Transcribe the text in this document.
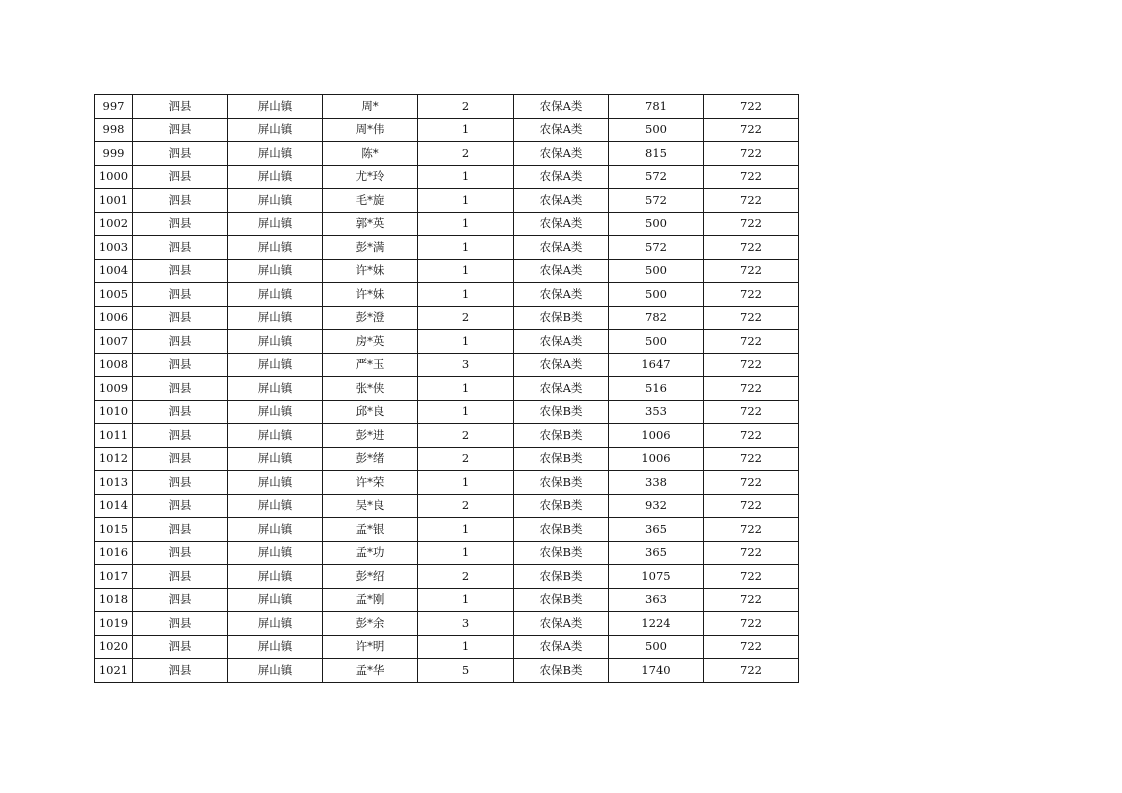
997	泗县	屏山镇	周*	2	农保A类	781	722
998	泗县	屏山镇	周*伟	1	农保A类	500	722
999	泗县	屏山镇	陈*	2	农保A类	815	722
1000	泗县	屏山镇	尤*玲	1	农保A类	572	722
1001	泗县	屏山镇	毛*旋	1	农保A类	572	722
1002	泗县	屏山镇	郭*英	1	农保A类	500	722
1003	泗县	屏山镇	彭*满	1	农保A类	572	722
1004	泗县	屏山镇	许*妹	1	农保A类	500	722
1005	泗县	屏山镇	许*妹	1	农保A类	500	722
1006	泗县	屏山镇	彭*澄	2	农保B类	782	722
1007	泗县	屏山镇	房*英	1	农保A类	500	722
1008	泗县	屏山镇	严*玉	3	农保A类	1647	722
1009	泗县	屏山镇	张*侠	1	农保A类	516	722
1010	泗县	屏山镇	邱*良	1	农保B类	353	722
1011	泗县	屏山镇	彭*进	2	农保B类	1006	722
1012	泗县	屏山镇	彭*绪	2	农保B类	1006	722
1013	泗县	屏山镇	许*荣	1	农保B类	338	722
1014	泗县	屏山镇	吴*良	2	农保B类	932	722
1015	泗县	屏山镇	孟*银	1	农保B类	365	722
1016	泗县	屏山镇	孟*功	1	农保B类	365	722
1017	泗县	屏山镇	彭*绍	2	农保B类	1075	722
1018	泗县	屏山镇	孟*刚	1	农保B类	363	722
1019	泗县	屏山镇	彭*余	3	农保A类	1224	722
1020	泗县	屏山镇	许*明	1	农保A类	500	722
1021	泗县	屏山镇	孟*华	5	农保B类	1740	722
